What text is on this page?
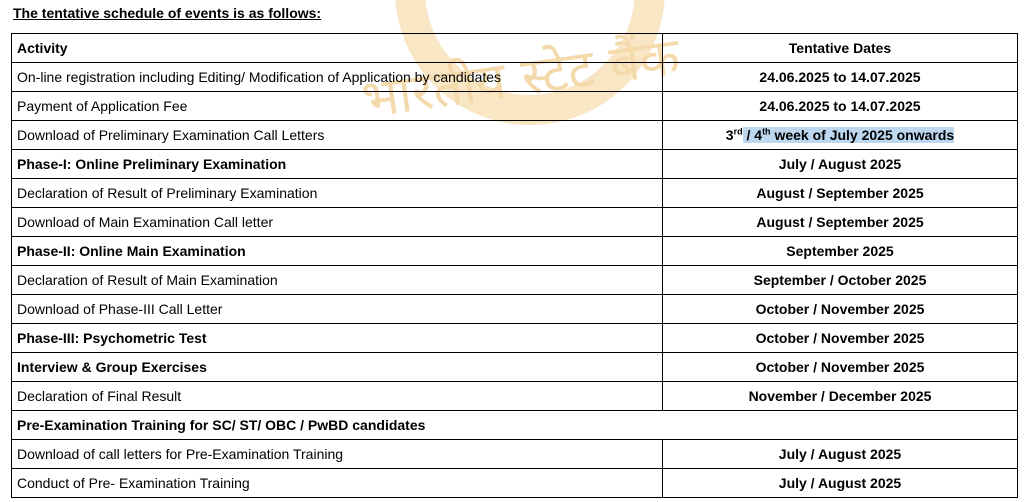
भारतीय स्टेट बैंक
The tentative schedule of events is as follows:
Activity	Tentative Dates
On-line registration including Editing/ Modification of Application by candidates	24.06.2025 to 14.07.2025
Payment of Application Fee	24.06.2025 to 14.07.2025
Download of Preliminary Examination Call Letters	3rd / 4th week of July 2025 onwards
Phase-I: Online Preliminary Examination	July / August 2025
Declaration of Result of Preliminary Examination	August / September 2025
Download of Main Examination Call letter	August / September 2025
Phase-II: Online Main Examination	September 2025
Declaration of Result of Main Examination	September / October 2025
Download of Phase-III Call Letter	October / November 2025
Phase-III: Psychometric Test	October / November 2025
Interview & Group Exercises	October / November 2025
Declaration of Final Result	November / December 2025
Pre-Examination Training for SC/ ST/ OBC / PwBD candidates	
Download of call letters for Pre-Examination Training	July / August 2025
Conduct of Pre- Examination Training	July / August 2025
